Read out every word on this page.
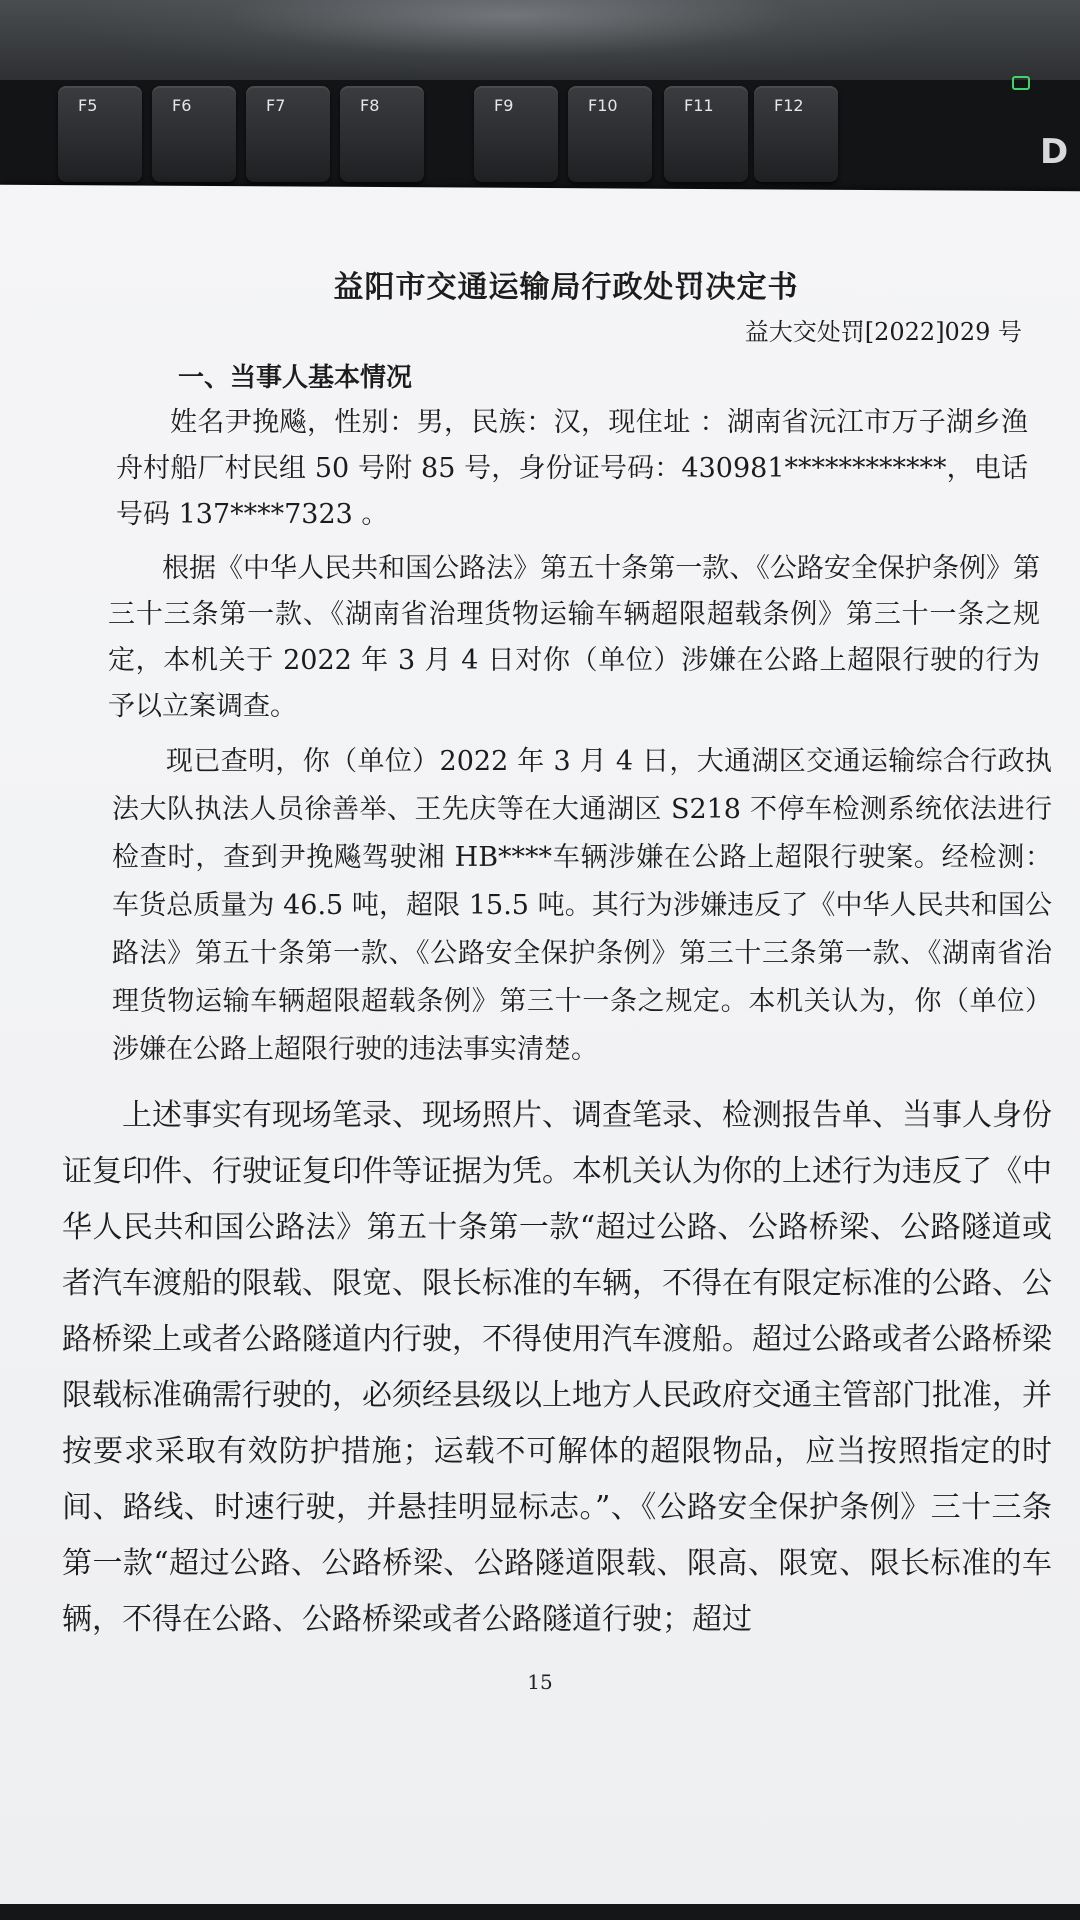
F5	F6	F7	F8	F9	F10	F11	F12
D
益阳市交通运输局行政处罚决定书
益大交处罚[2022]029 号
一、当事人基本情况

姓名尹挽飚，性别：男，民族：汉，现住址 ：湖南省沅江市万子湖乡渔舟村船厂村民组 50 号附 85 号，身份证号码：430981************，电话号码 137****7323 。

根据《中华人民共和国公路法》第五十条第一款、《公路安全保护条例》第三十三条第一款、《湖南省治理货物运输车辆超限超载条例》第三十一条之规定，本机关于 2022 年 3 月 4 日对你（单位）涉嫌在公路上超限行驶的行为予以立案调查。

现已查明，你（单位）2022 年 3 月 4 日，大通湖区交通运输综合行政执法大队执法人员徐善举、王先庆等在大通湖区 S218 不停车检测系统依法进行检查时，查到尹挽飚驾驶湘 HB****车辆涉嫌在公路上超限行驶案。经检测：车货总质量为 46.5 吨，超限 15.5 吨。其行为涉嫌违反了《中华人民共和国公路法》第五十条第一款、《公路安全保护条例》第三十三条第一款、《湖南省治理货物运输车辆超限超载条例》第三十一条之规定。本机关认为，你（单位）涉嫌在公路上超限行驶的违法事实清楚。

上述事实有现场笔录、现场照片、调查笔录、检测报告单、当事人身份证复印件、行驶证复印件等证据为凭。本机关认为你的上述行为违反了《中华人民共和国公路法》第五十条第一款“超过公路、公路桥梁、公路隧道或者汽车渡船的限载、限宽、限长标准的车辆，不得在有限定标准的公路、公路桥梁上或者公路隧道内行驶，不得使用汽车渡船。超过公路或者公路桥梁限载标准确需行驶的，必须经县级以上地方人民政府交通主管部门批准，并按要求采取有效防护措施；运载不可解体的超限物品，应当按照指定的时间、路线、时速行驶，并悬挂明显标志。”、《公路安全保护条例》三十三条第一款“超过公路、公路桥梁、公路隧道限载、限高、限宽、限长标准的车辆，不得在公路、公路桥梁或者公路隧道行驶；超过

15
